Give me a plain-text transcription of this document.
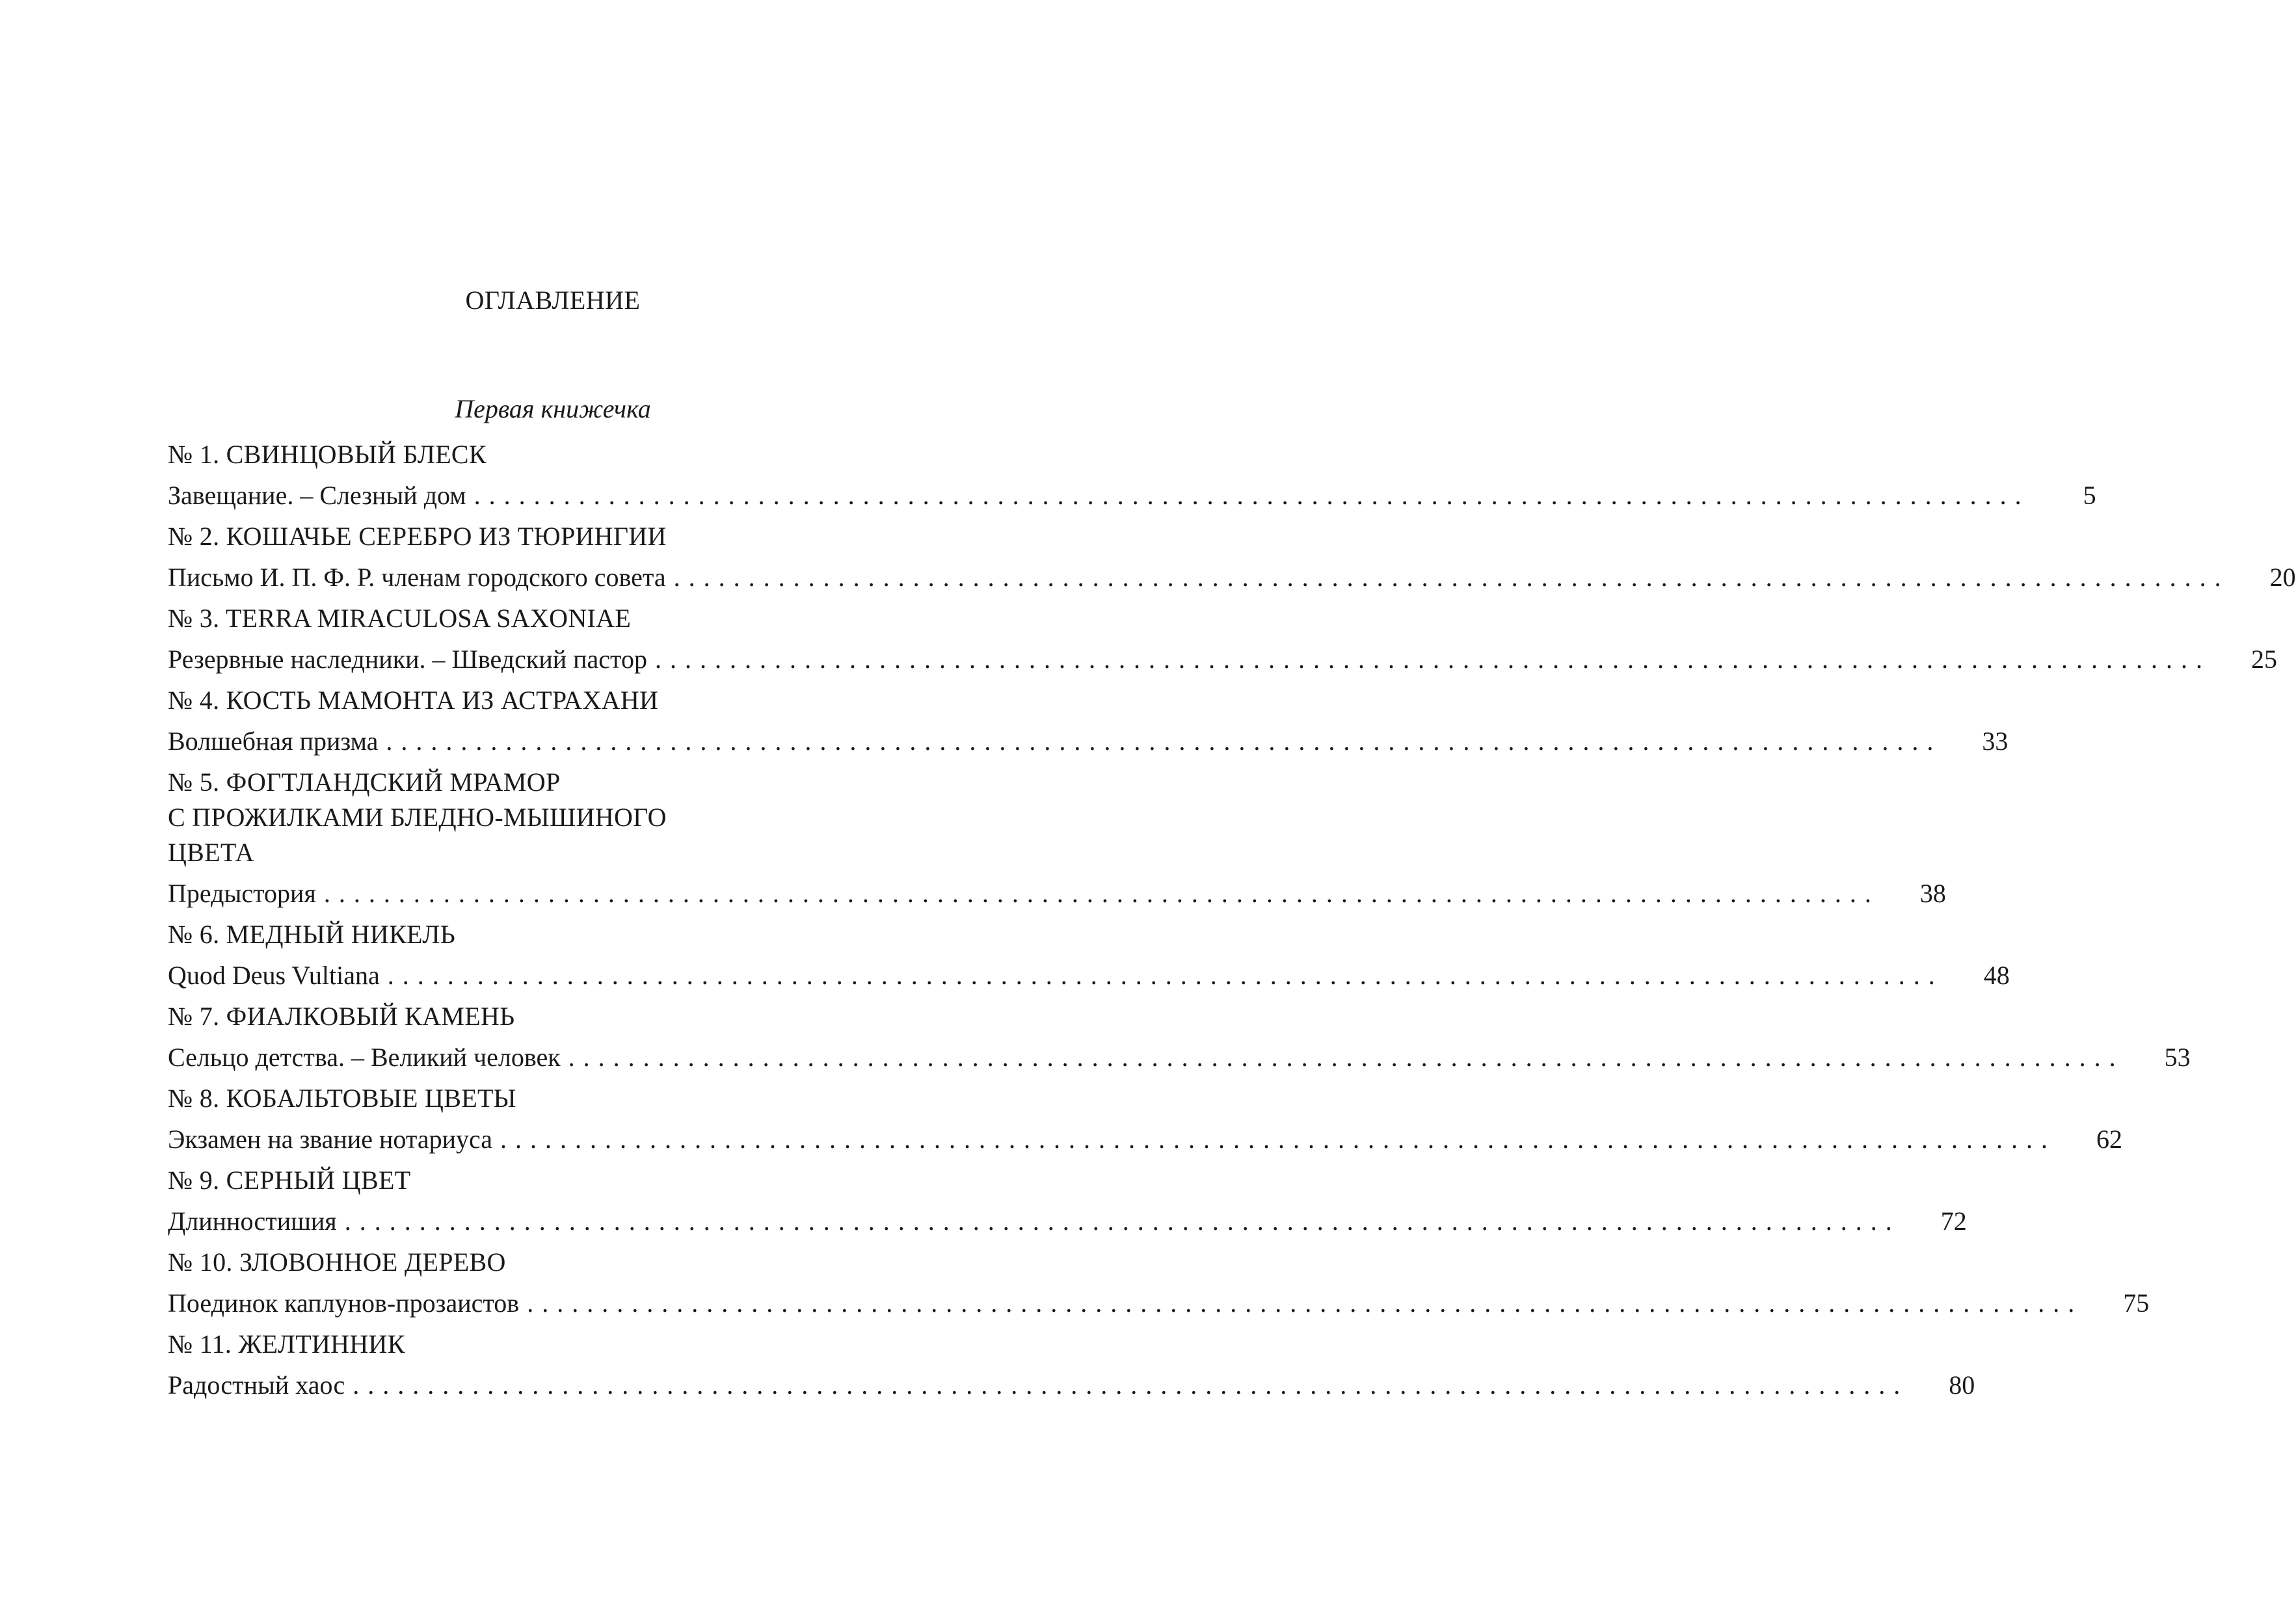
ОГЛАВЛЕНИЕ
Первая книжечка
№ 1. СВИНЦОВЫЙ БЛЕСК
Завещание. – Слезный дом ........................................................................................................	5
№ 2. КОШАЧЬЕ СЕРЕБРО ИЗ ТЮРИНГИИ
Письмо И. П. Ф. Р. членам городского совета ........................................................................................................	20
№ 3. TERRA MIRACULOSA SAXONIAE
Резервные наследники. – Шведский пастор ........................................................................................................	25
№ 4. КОСТЬ МАМОНТА ИЗ АСТРАХАНИ
Волшебная призма ........................................................................................................	33
№ 5. ФОГТЛАНДСКИЙ МРАМОР
С ПРОЖИЛКАМИ БЛЕДНО-МЫШИНОГО
ЦВЕТА
Предыстория ........................................................................................................	38
№ 6. МЕДНЫЙ НИКЕЛЬ
Quod Deus Vultiana ........................................................................................................	48
№ 7. ФИАЛКОВЫЙ КАМЕНЬ
Сельцо детства. – Великий человек ........................................................................................................	53
№ 8. КОБАЛЬТОВЫЕ ЦВЕТЫ
Экзамен на звание нотариуса ........................................................................................................	62
№ 9. СЕРНЫЙ ЦВЕТ
Длинностишия ........................................................................................................	72
№ 10. ЗЛОВОННОЕ ДЕРЕВО
Поединок каплунов-прозаистов ........................................................................................................	75
№ 11. ЖЕЛТИННИК
Радостный хаос ........................................................................................................	80
